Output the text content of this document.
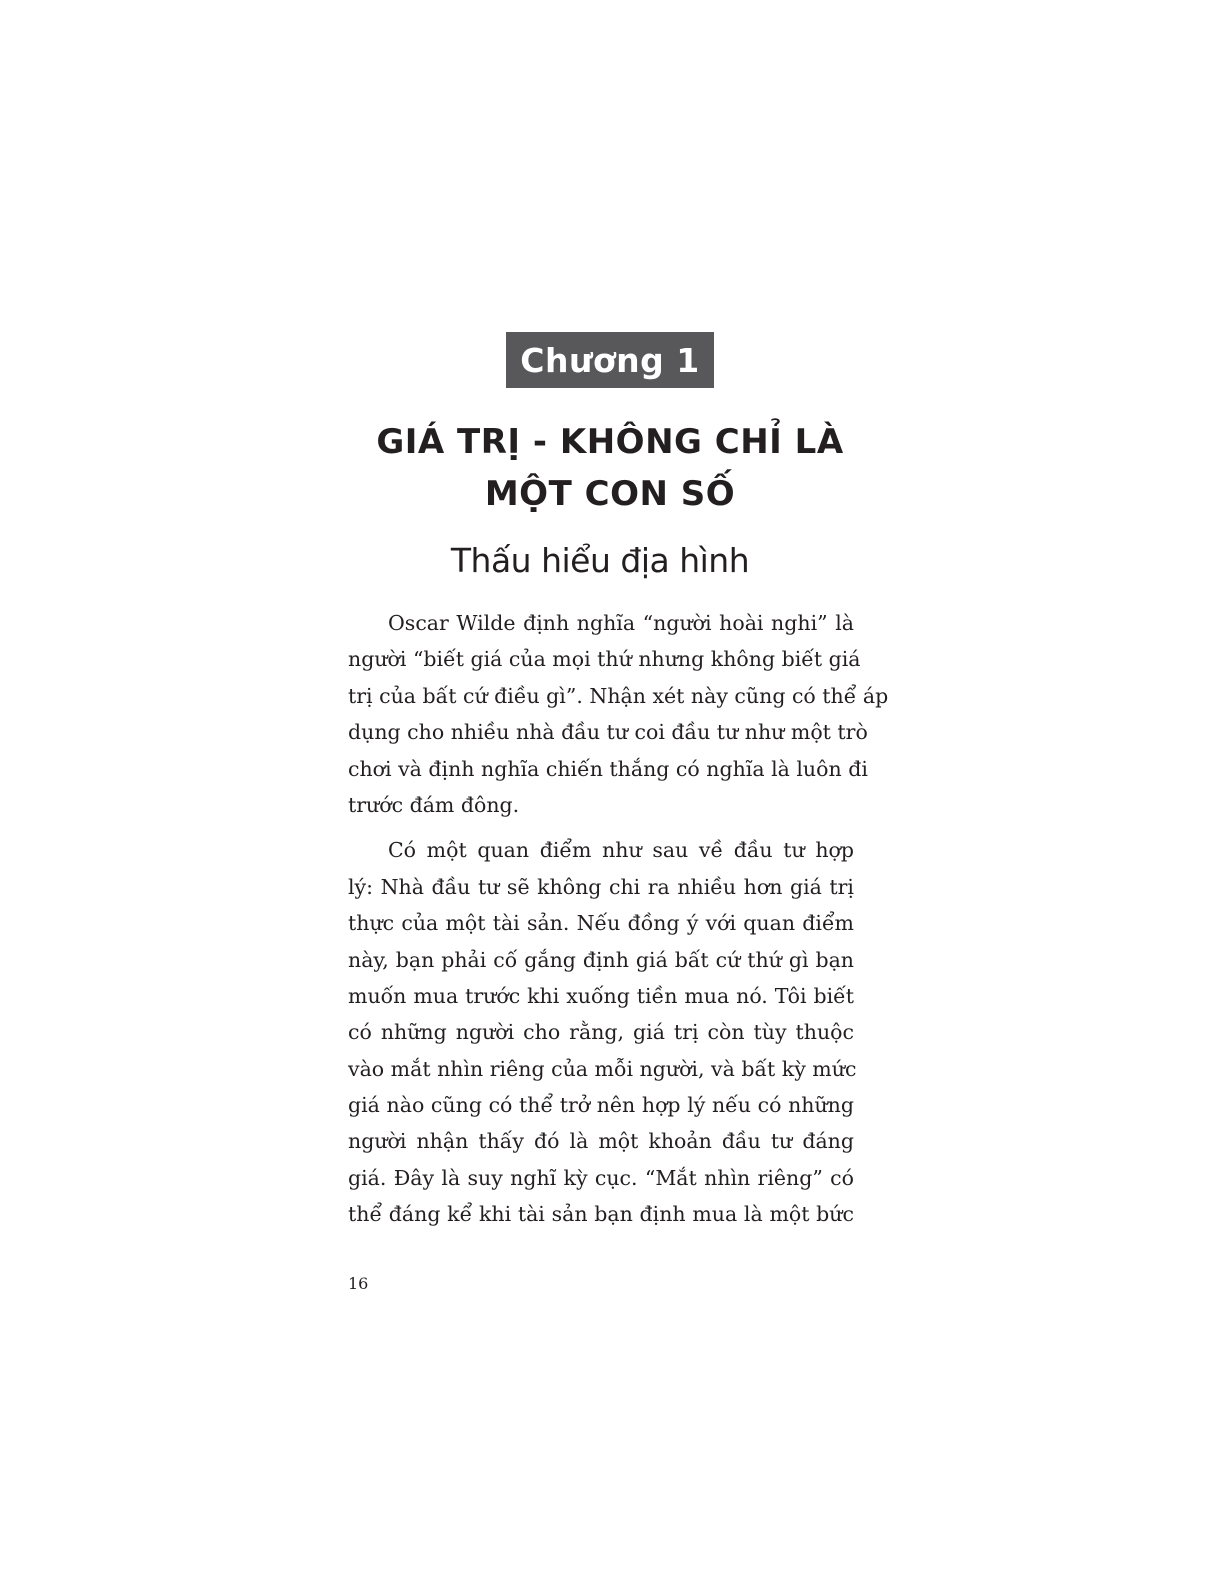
Chương 1
GIÁ TRỊ - KHÔNG CHỈ LÀ
MỘT CON SỐ
Thấu hiểu địa hình

Oscar Wilde định nghĩa “người hoài nghi” là
người “biết giá của mọi thứ nhưng không biết giá
trị của bất cứ điều gì”. Nhận xét này cũng có thể áp
dụng cho nhiều nhà đầu tư coi đầu tư như một trò
chơi và định nghĩa chiến thắng có nghĩa là luôn đi
trước đám đông.

Có một quan điểm như sau về đầu tư hợp
lý: Nhà đầu tư sẽ không chi ra nhiều hơn giá trị
thực của một tài sản. Nếu đồng ý với quan điểm
này, bạn phải cố gắng định giá bất cứ thứ gì bạn
muốn mua trước khi xuống tiền mua nó. Tôi biết
có những người cho rằng, giá trị còn tùy thuộc
vào mắt nhìn riêng của mỗi người, và bất kỳ mức
giá nào cũng có thể trở nên hợp lý nếu có những
người nhận thấy đó là một khoản đầu tư đáng
giá. Đây là suy nghĩ kỳ cục. “Mắt nhìn riêng” có
thể đáng kể khi tài sản bạn định mua là một bức

16
